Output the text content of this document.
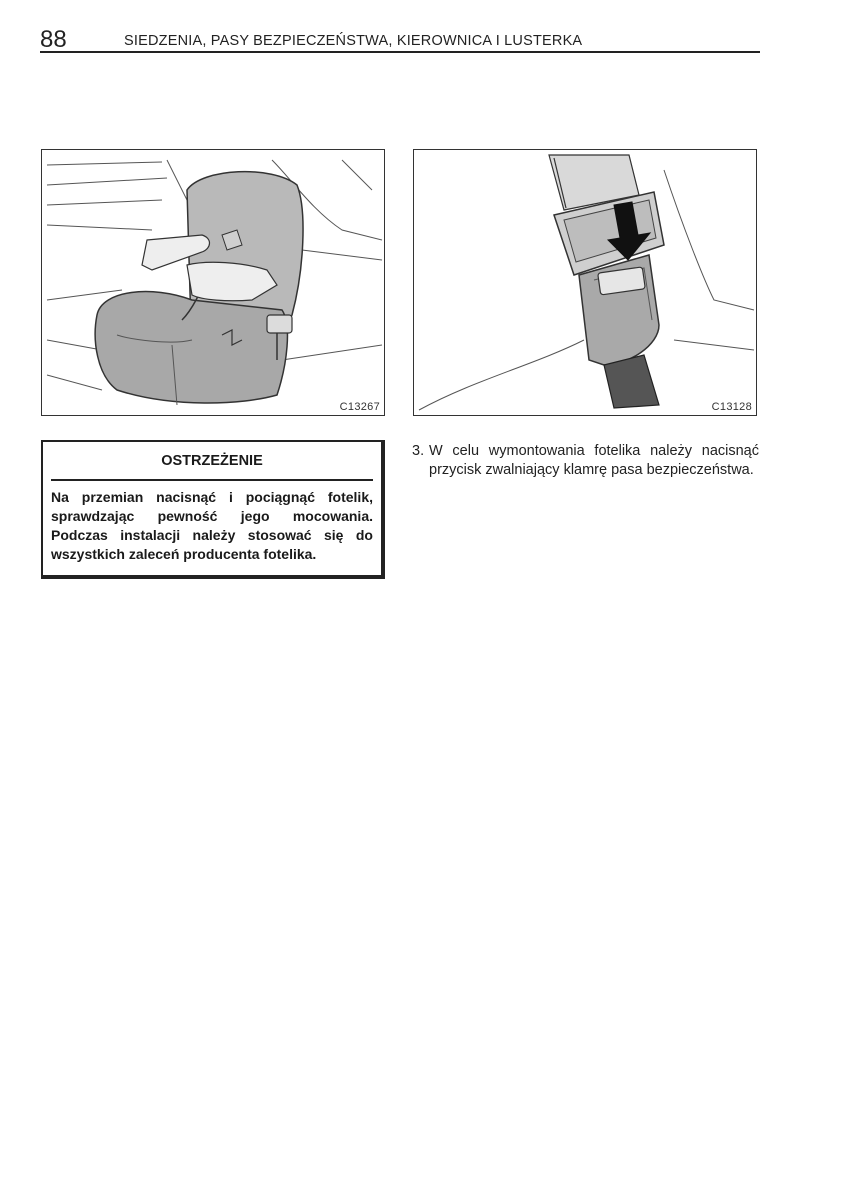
88	SIEDZENIA, PASY BEZPIECZEŃSTWA, KIEROWNICA I LUSTERKA
C13267	C13128
OSTRZEŻENIE
Na przemian nacisnąć i pociągnąć fotelik, sprawdzając pewność jego mocowania. Podczas instalacji należy stosować się do wszystkich zaleceń producenta fotelika.
3. W celu wymontowania fotelika należy nacisnąć przycisk zwalniający klamrę pasa bezpieczeństwa.
